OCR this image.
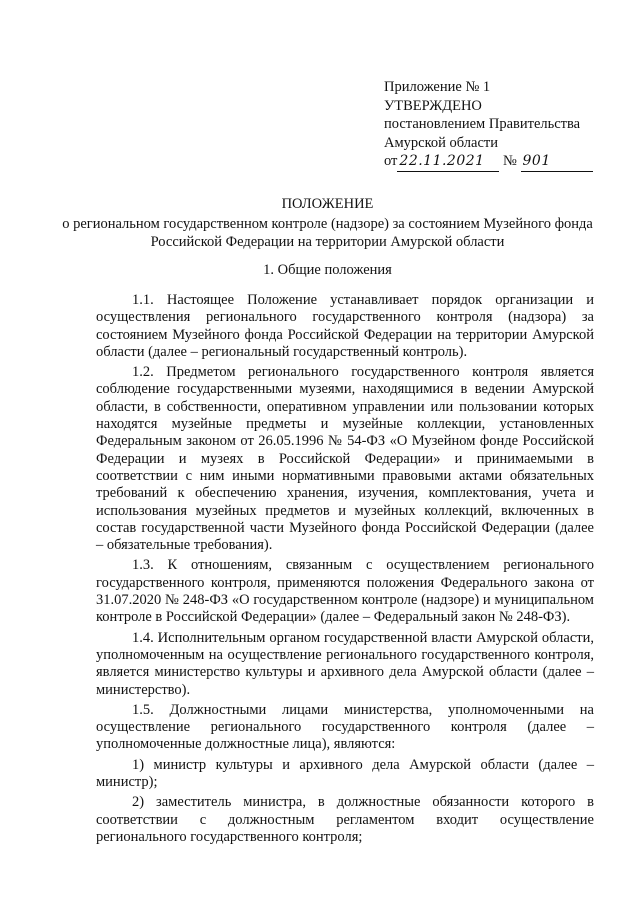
Приложение № 1
УТВЕРЖДЕНО
постановлением Правительства
Амурской области
от 22.11.2021 № 901
ПОЛОЖЕНИЕ
о региональном государственном контроле (надзоре) за состоянием Музейного фонда Российской Федерации на территории Амурской области
1. Общие положения

1.1. Настоящее Положение устанавливает порядок организации и осуществления регионального государственного контроля (надзора) за состоянием Музейного фонда Российской Федерации на территории Амурской области (далее – региональный государственный контроль).

1.2. Предметом регионального государственного контроля является соблюдение государственными музеями, находящимися в ведении Амурской области, в собственности, оперативном управлении или пользовании которых находятся музейные предметы и музейные коллекции, установленных Федеральным законом от 26.05.1996 № 54-ФЗ «О Музейном фонде Российской Федерации и музеях в Российской Федерации» и принимаемыми в соответствии с ним иными нормативными правовыми актами обязательных требований к обеспечению хранения, изучения, комплектования, учета и использования музейных предметов и музейных коллекций, включенных в состав государственной части Музейного фонда Российской Федерации (далее – обязательные требования).

1.3. К отношениям, связанным с осуществлением регионального государственного контроля, применяются положения Федерального закона от 31.07.2020 № 248-ФЗ «О государственном контроле (надзоре) и муниципальном контроле в Российской Федерации» (далее – Федеральный закон № 248-ФЗ).

1.4. Исполнительным органом государственной власти Амурской области, уполномоченным на осуществление регионального государственного контроля, является министерство культуры и архивного дела Амурской области (далее – министерство).

1.5. Должностными лицами министерства, уполномоченными на осуществление регионального государственного контроля (далее – уполномоченные должностные лица), являются:

1) министр культуры и архивного дела Амурской области (далее – министр);

2) заместитель министра, в должностные обязанности которого в соответствии с должностным регламентом входит осуществление регионального государственного контроля;
